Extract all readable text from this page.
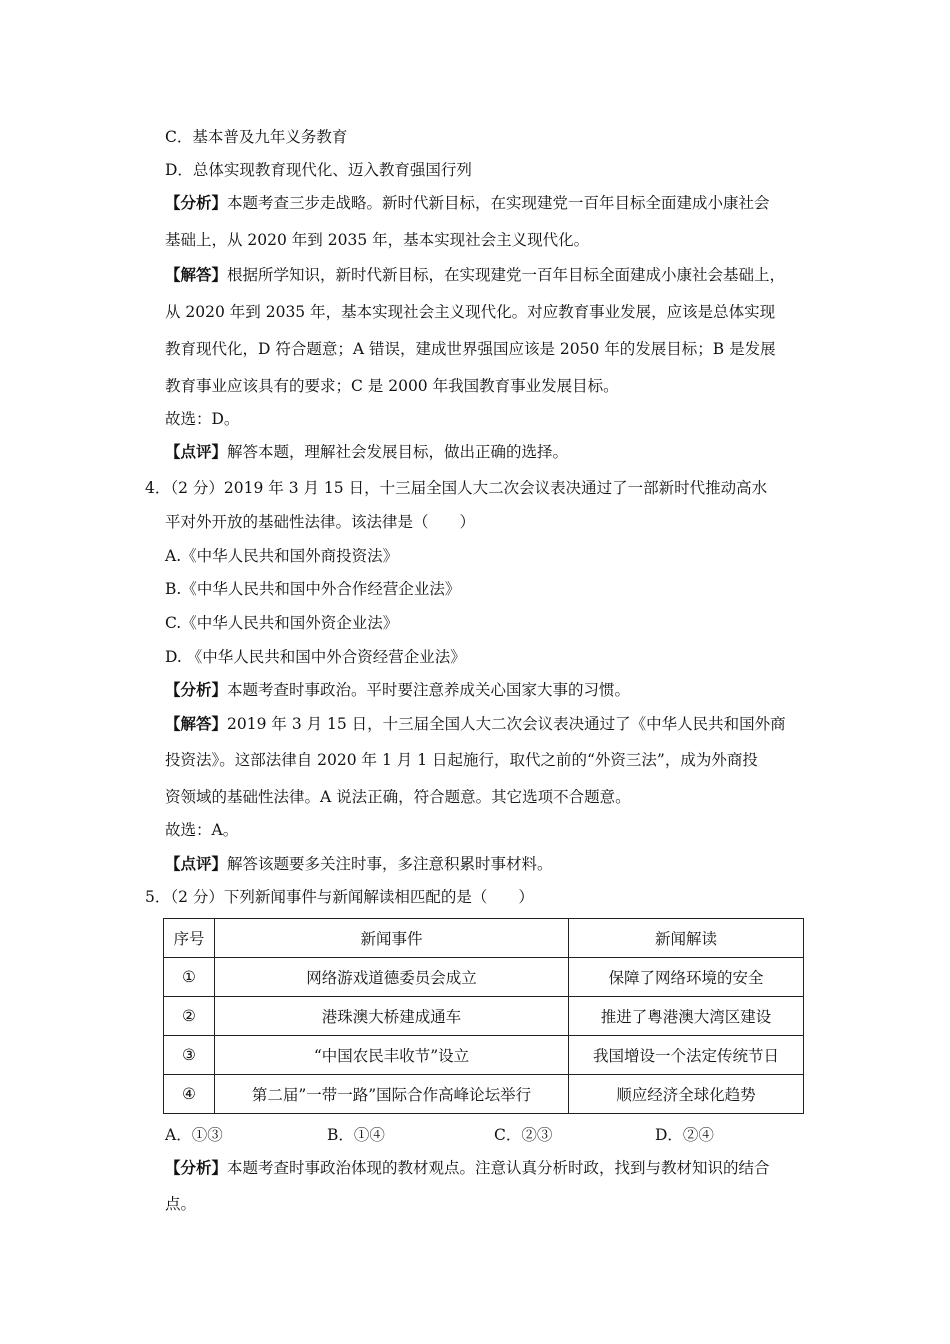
C．基本普及九年义务教育
D．总体实现教育现代化、迈入教育强国行列
【分析】本题考查三步走战略。新时代新目标，在实现建党一百年目标全面建成小康社会
基础上，从 2020 年到 2035 年，基本实现社会主义现代化。
【解答】根据所学知识，新时代新目标，在实现建党一百年目标全面建成小康社会基础上，
从 2020 年到 2035 年，基本实现社会主义现代化。对应教育事业发展，应该是总体实现
教育现代化，D 符合题意；A 错误，建成世界强国应该是 2050 年的发展目标；B 是发展
教育事业应该具有的要求；C 是 2000 年我国教育事业发展目标。
故选：D。
【点评】解答本题，理解社会发展目标，做出正确的选择。
4．（2 分）2019 年 3 月 15 日，十三届全国人大二次会议表决通过了一部新时代推动高水
平对外开放的基础性法律。该法律是（　　）
A.《中华人民共和国外商投资法》
B.《中华人民共和国中外合作经营企业法》
C.《中华人民共和国外资企业法》
D. 《中华人民共和国中外合资经营企业法》
【分析】本题考查时事政治。平时要注意养成关心国家大事的习惯。
【解答】2019 年 3 月 15 日，十三届全国人大二次会议表决通过了《中华人民共和国外商
投资法》。这部法律自 2020 年 1 月 1 日起施行，取代之前的“外资三法”，成为外商投
资领域的基础性法律。A 说法正确，符合题意。其它选项不合题意。
故选：A。
【点评】解答该题要多关注时事，多注意积累时事材料。
5．（2 分）下列新闻事件与新闻解读相匹配的是（　　）
序号	新闻事件	新闻解读
①	网络游戏道德委员会成立	保障了网络环境的安全
②	港珠澳大桥建成通车	推进了粤港澳大湾区建设
③	“中国农民丰收节”设立	我国增设一个法定传统节日
④	第二届”一带一路”国际合作高峰论坛举行	顺应经济全球化趋势
A．①③	B．①④	C．②③	D．②④
【分析】本题考查时事政治体现的教材观点。注意认真分析时政，找到与教材知识的结合
点。
